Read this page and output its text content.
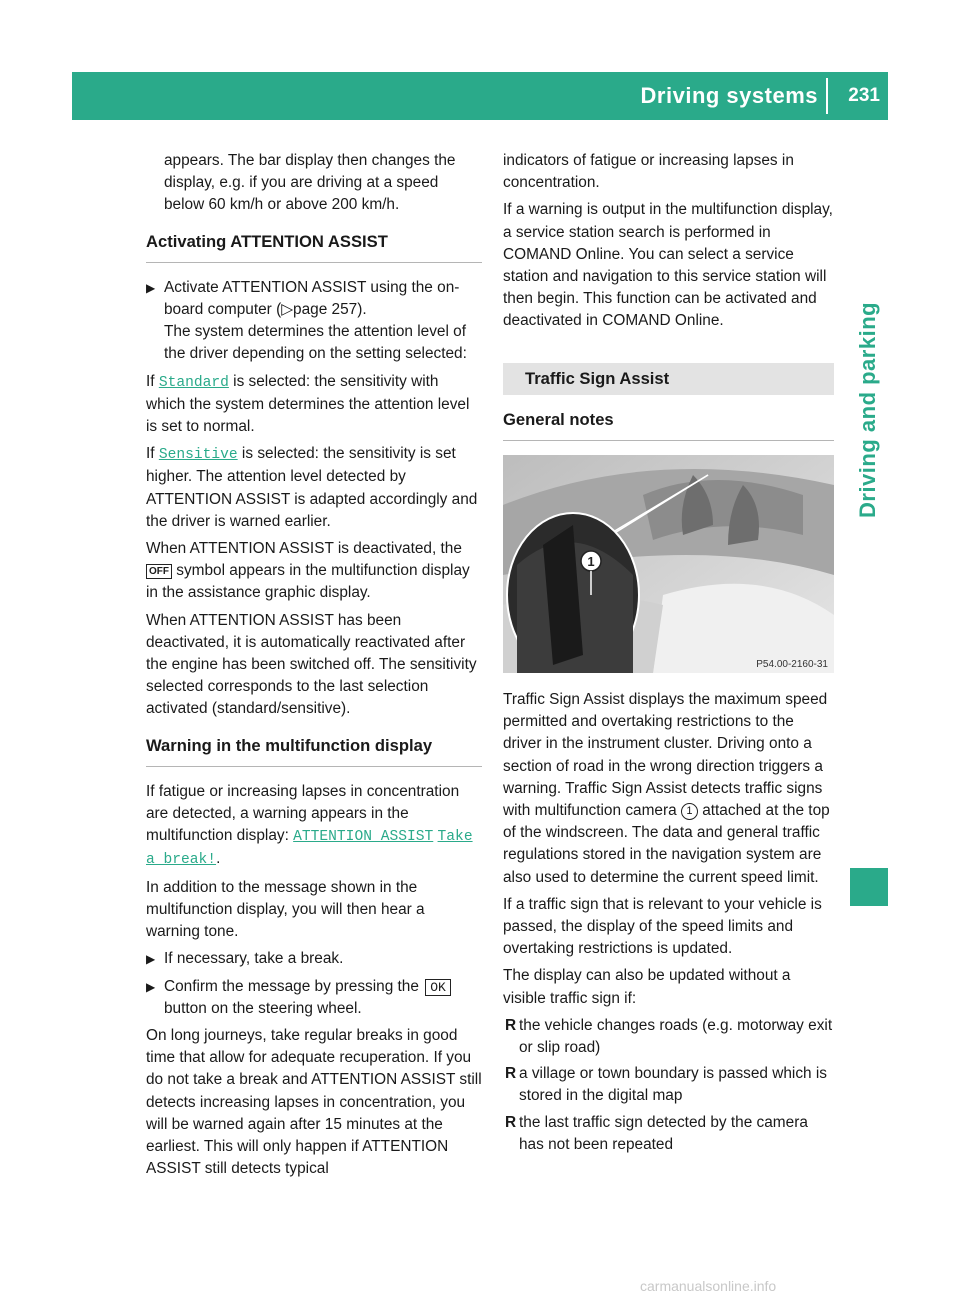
Driving systems 231
Driving and parking

appears. The bar display then changes the display, e.g. if you are driving at a speed below 60 km/h or above 200 km/h.

Activating ATTENTION ASSIST
▶ Activate ATTENTION ASSIST using the on-board computer (▷page 257).
The system determines the attention level of the driver depending on the setting selected:

If Standard is selected: the sensitivity with which the system determines the attention level is set to normal.

If Sensitive is selected: the sensitivity is set higher. The attention level detected by ATTENTION ASSIST is adapted accordingly and the driver is warned earlier.

When ATTENTION ASSIST is deactivated, the OFF symbol appears in the multifunction display in the assistance graphic display.

When ATTENTION ASSIST has been deactivated, it is automatically reactivated after the engine has been switched off. The sensitivity selected corresponds to the last selection activated (standard/sensitive).

Warning in the multifunction display

If fatigue or increasing lapses in concentration are detected, a warning appears in the multifunction display: ATTENTION ASSIST Take a break!.

In addition to the message shown in the multifunction display, you will then hear a warning tone.

▶ If necessary, take a break.
▶ Confirm the message by pressing the OK button on the steering wheel.

On long journeys, take regular breaks in good time that allow for adequate recuperation. If you do not take a break and ATTENTION ASSIST still detects increasing lapses in concentration, you will be warned again after 15 minutes at the earliest. This will only happen if ATTENTION ASSIST still detects typical

indicators of fatigue or increasing lapses in concentration.

If a warning is output in the multifunction display, a service station search is performed in COMAND Online. You can select a service station and navigation to this service station will then begin. This function can be activated and deactivated in COMAND Online.

Traffic Sign Assist
General notes
1
P54.00-2160-31

Traffic Sign Assist displays the maximum speed permitted and overtaking restrictions to the driver in the instrument cluster. Driving onto a section of road in the wrong direction triggers a warning. Traffic Sign Assist detects traffic signs with multifunction camera 1 attached at the top of the windscreen. The data and general traffic regulations stored in the navigation system are also used to determine the current speed limit.

If a traffic sign that is relevant to your vehicle is passed, the display of the speed limits and overtaking restrictions is updated.

The display can also be updated without a visible traffic sign if:

R the vehicle changes roads (e.g. motorway exit or slip road)
R a village or town boundary is passed which is stored in the digital map
R the last traffic sign detected by the camera has not been repeated
carmanualsonline.info
